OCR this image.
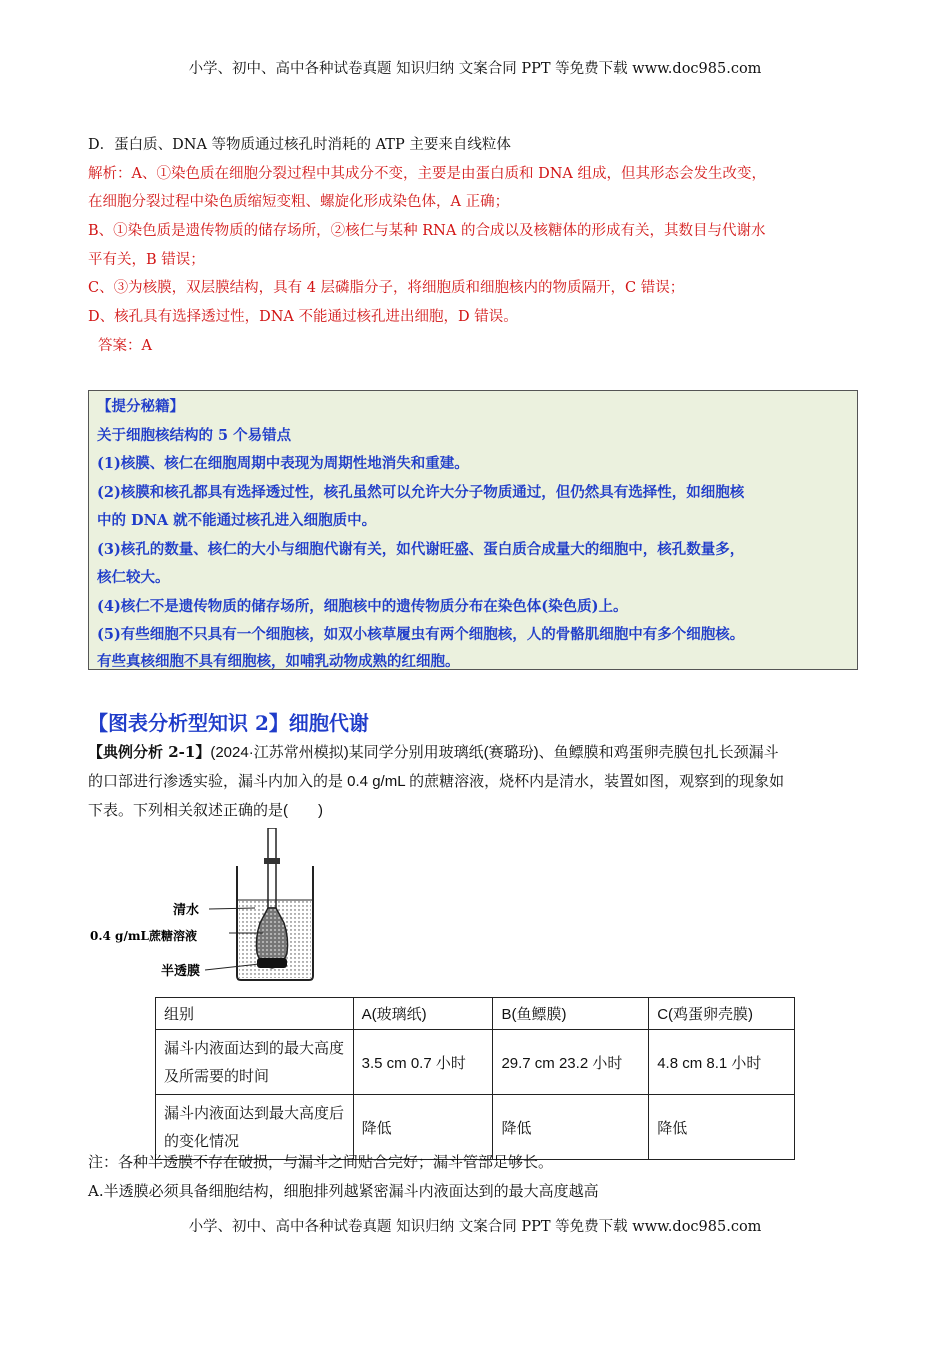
小学、初中、高中各种试卷真题 知识归纳 文案合同 PPT 等免费下载 www.doc985.com
D．蛋白质、DNA 等物质通过核孔时消耗的 ATP 主要来自线粒体
解析：A、①染色质在细胞分裂过程中其成分不变，主要是由蛋白质和 DNA 组成，但其形态会发生改变，
在细胞分裂过程中染色质缩短变粗、螺旋化形成染色体，A 正确；
B、①染色质是遗传物质的储存场所，②核仁与某种 RNA 的合成以及核糖体的形成有关，其数目与代谢水
平有关，B 错误；
C、③为核膜，双层膜结构，具有 4 层磷脂分子，将细胞质和细胞核内的物质隔开，C 错误；
D、核孔具有选择透过性，DNA 不能通过核孔进出细胞，D 错误。
答案：A
【提分秘籍】
关于细胞核结构的 5 个易错点
(1)核膜、核仁在细胞周期中表现为周期性地消失和重建。
(2)核膜和核孔都具有选择透过性，核孔虽然可以允许大分子物质通过，但仍然具有选择性，如细胞核
中的 DNA 就不能通过核孔进入细胞质中。
(3)核孔的数量、核仁的大小与细胞代谢有关，如代谢旺盛、蛋白质合成量大的细胞中，核孔数量多，
核仁较大。
(4)核仁不是遗传物质的储存场所，细胞核中的遗传物质分布在染色体(染色质)上。
(5)有些细胞不只具有一个细胞核，如双小核草履虫有两个细胞核，人的骨骼肌细胞中有多个细胞核。
有些真核细胞不具有细胞核，如哺乳动物成熟的红细胞。
【图表分析型知识 2】细胞代谢
【典例分析 2-1】(2024·江苏常州模拟)某同学分别用玻璃纸(赛璐玢)、鱼鳔膜和鸡蛋卵壳膜包扎长颈漏斗
的口部进行渗透实验，漏斗内加入的是 0.4 g/mL 的蔗糖溶液，烧杯内是清水，装置如图，观察到的现象如
下表。下列相关叙述正确的是(　　)
清水
0.4 g/mL蔗糖溶液
半透膜
组别	A(玻璃纸)	B(鱼鳔膜)	C(鸡蛋卵壳膜)
漏斗内液面达到的最大高度及所需要的时间	3.5 cm 0.7 小时	29.7 cm 23.2 小时	4.8 cm 8.1 小时
漏斗内液面达到最大高度后的变化情况	降低	降低	降低
注：各种半透膜不存在破损，与漏斗之间贴合完好；漏斗管部足够长。
A.半透膜必须具备细胞结构，细胞排列越紧密漏斗内液面达到的最大高度越高
小学、初中、高中各种试卷真题 知识归纳 文案合同 PPT 等免费下载 www.doc985.com
